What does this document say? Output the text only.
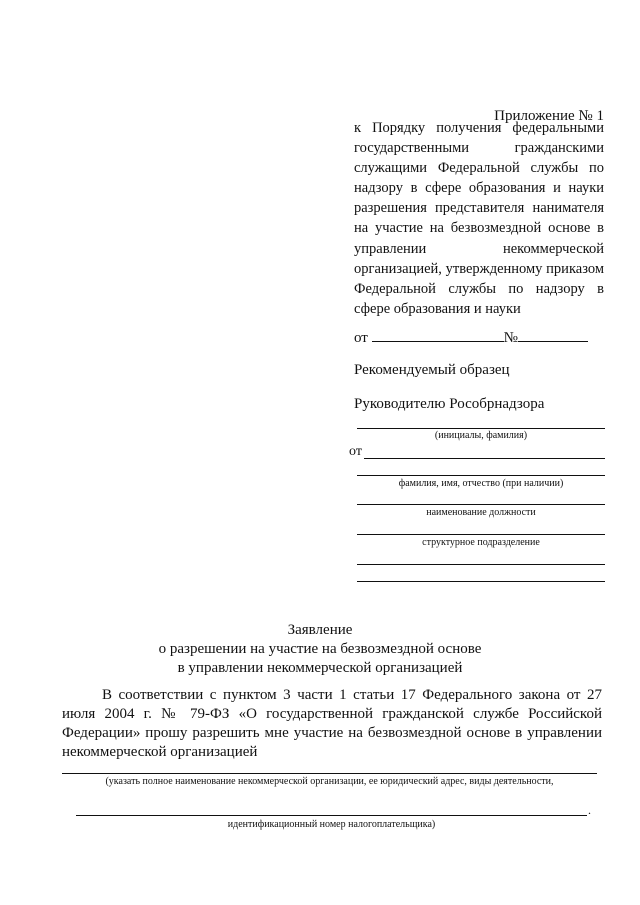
Приложение № 1

к Порядку получения федеральными государственными гражданскими служащими Федеральной службы по надзору в сфере образования и науки разрешения представителя нанимателя на участие на безвозмездной основе в управлении некоммерческой организацией, утвержденному приказом Федеральной службы по надзору в сфере образования и науки

от	№
Рекомендуемый образец
Руководителю Рособрнадзора
(инициалы, фамилия)
от
фамилия, имя, отчество (при наличии)
наименование должности
структурное подразделение
Заявление
о разрешении на участие на безвозмездной основе
в управлении некоммерческой организацией

В соответствии с пунктом 3 части 1 статьи 17 Федерального закона от 27 июля 2004 г. № 79-ФЗ «О государственной гражданской службе Российской Федерации» прошу разрешить мне участие на безвозмездной основе в управлении некоммерческой организацией

(указать полное наименование некоммерческой организации, ее юридический адрес, виды деятельности,
.
идентификационный номер налогоплательщика)
